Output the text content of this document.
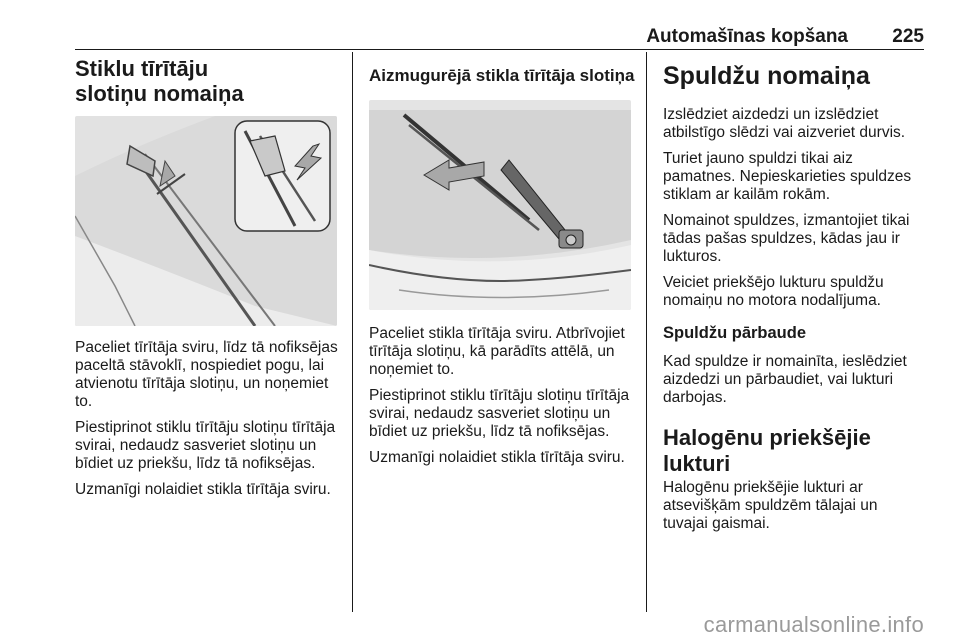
Automašīnas kopšana 225
Stiklu tīrītāju slotiņu nomaiņa

Paceliet tīrītāja sviru, līdz tā nofiksējas paceltā stāvoklī, nospiediet pogu, lai atvienotu tīrītāja slotiņu, un noņemiet to.

Piestiprinot stiklu tīrītāju slotiņu tīrītāja svirai, nedaudz sasveriet slotiņu un bīdiet uz priekšu, līdz tā nofiksējas.

Uzmanīgi nolaidiet stikla tīrītāja sviru.

Aizmugurējā stikla tīrītāja slotiņa

Paceliet stikla tīrītāja sviru. Atbrīvojiet tīrītāja slotiņu, kā parādīts attēlā, un noņemiet to.

Piestiprinot stiklu tīrītāju slotiņu tīrītāja svirai, nedaudz sasveriet slotiņu un bīdiet uz priekšu, līdz tā nofiksējas.

Uzmanīgi nolaidiet stikla tīrītāja sviru.

Spuldžu nomaiņa

Izslēdziet aizdedzi un izslēdziet atbilstīgo slēdzi vai aizveriet durvis.

Turiet jauno spuldzi tikai aiz pamatnes. Nepieskarieties spuldzes stiklam ar kailām rokām.

Nomainot spuldzes, izmantojiet tikai tādas pašas spuldzes, kādas jau ir lukturos.

Veiciet priekšējo lukturu spuldžu nomaiņu no motora nodalījuma.

Spuldžu pārbaude

Kad spuldze ir nomainīta, ieslēdziet aizdedzi un pārbaudiet, vai lukturi darbojas.

Halogēnu priekšējie lukturi

Halogēnu priekšējie lukturi ar atsevišķām spuldzēm tālajai un tuvajai gaismai.

carmanualsonline.info
